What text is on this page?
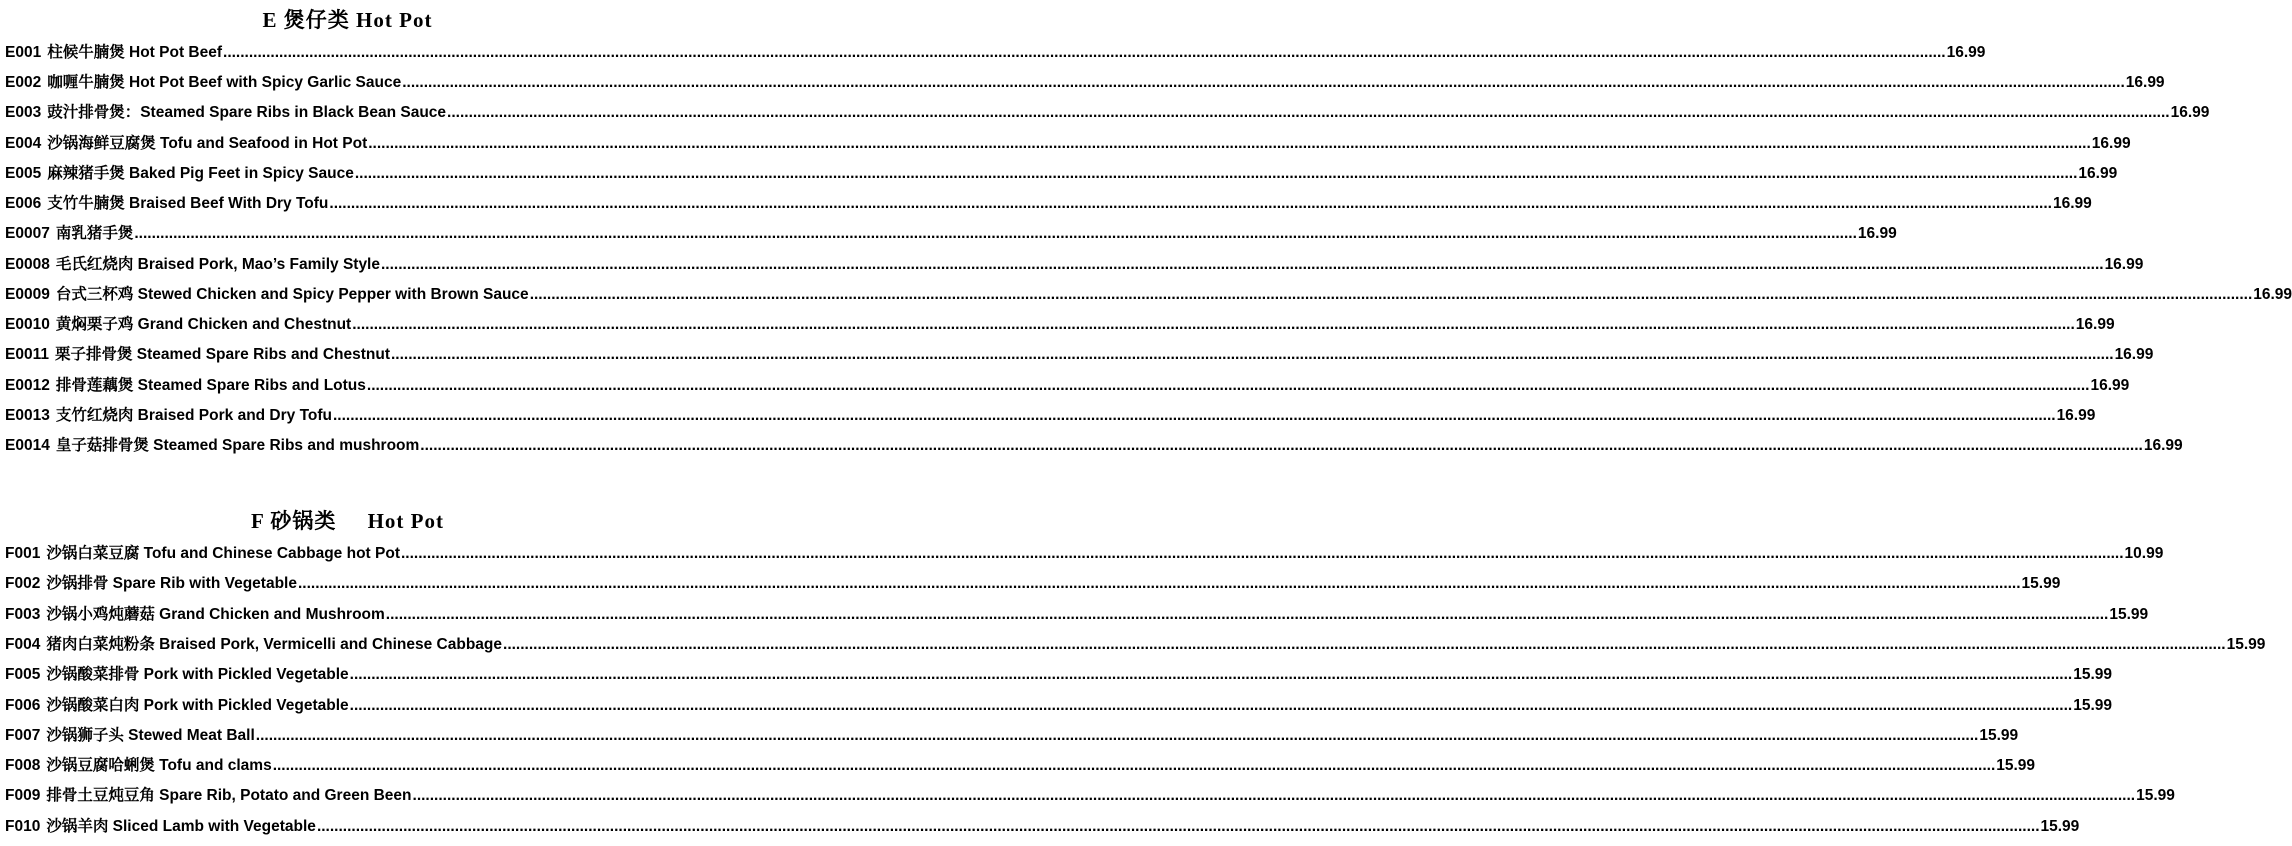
E 煲仔类 Hot Pot
E001 柱候牛腩煲 Hot Pot Beef ................................................................................................................................................................................................................................................................................................................................................................................................................ 16.99
E002 咖喱牛腩煲 Hot Pot Beef with Spicy Garlic Sauce ................................................................................................................................................................................................................................................................................................................................................................................................................ 16.99
E003 豉汁排骨煲：Steamed Spare Ribs in Black Bean Sauce ................................................................................................................................................................................................................................................................................................................................................................................................................ 16.99
E004 沙锅海鲜豆腐煲 Tofu and Seafood in Hot Pot ................................................................................................................................................................................................................................................................................................................................................................................................................ 16.99
E005 麻辣猪手煲 Baked Pig Feet in Spicy Sauce ................................................................................................................................................................................................................................................................................................................................................................................................................ 16.99
E006 支竹牛腩煲 Braised Beef With Dry Tofu ................................................................................................................................................................................................................................................................................................................................................................................................................ 16.99
E0007 南乳猪手煲 ................................................................................................................................................................................................................................................................................................................................................................................................................ 16.99
E0008 毛氏红烧肉 Braised Pork, Mao’s Family Style ................................................................................................................................................................................................................................................................................................................................................................................................................ 16.99
E0009 台式三杯鸡 Stewed Chicken and Spicy Pepper with Brown Sauce ................................................................................................................................................................................................................................................................................................................................................................................................................ 16.99
E0010 黄焖栗子鸡 Grand Chicken and Chestnut ................................................................................................................................................................................................................................................................................................................................................................................................................ 16.99
E0011 栗子排骨煲 Steamed Spare Ribs and Chestnut ................................................................................................................................................................................................................................................................................................................................................................................................................ 16.99
E0012 排骨莲藕煲 Steamed Spare Ribs and Lotus ................................................................................................................................................................................................................................................................................................................................................................................................................ 16.99
E0013 支竹红烧肉 Braised Pork and Dry Tofu ................................................................................................................................................................................................................................................................................................................................................................................................................ 16.99
E0014 皇子菇排骨煲 Steamed Spare Ribs and mushroom ................................................................................................................................................................................................................................................................................................................................................................................................................ 16.99
F 砂锅类     Hot Pot
F001 沙锅白菜豆腐 Tofu and Chinese Cabbage hot Pot ................................................................................................................................................................................................................................................................................................................................................................................................................ 10.99
F002 沙锅排骨 Spare Rib with Vegetable ................................................................................................................................................................................................................................................................................................................................................................................................................ 15.99
F003 沙锅小鸡炖蘑菇 Grand Chicken and Mushroom ................................................................................................................................................................................................................................................................................................................................................................................................................ 15.99
F004 猪肉白菜炖粉条 Braised Pork, Vermicelli and Chinese Cabbage ................................................................................................................................................................................................................................................................................................................................................................................................................ 15.99
F005 沙锅酸菜排骨 Pork with Pickled Vegetable ................................................................................................................................................................................................................................................................................................................................................................................................................ 15.99
F006 沙锅酸菜白肉 Pork with Pickled Vegetable ................................................................................................................................................................................................................................................................................................................................................................................................................ 15.99
F007 沙锅狮子头 Stewed Meat Ball ................................................................................................................................................................................................................................................................................................................................................................................................................ 15.99
F008 沙锅豆腐哈蜊煲 Tofu and clams ................................................................................................................................................................................................................................................................................................................................................................................................................ 15.99
F009 排骨土豆炖豆角 Spare Rib, Potato and Green Been ................................................................................................................................................................................................................................................................................................................................................................................................................ 15.99
F010 沙锅羊肉 Sliced Lamb with Vegetable ................................................................................................................................................................................................................................................................................................................................................................................................................ 15.99
